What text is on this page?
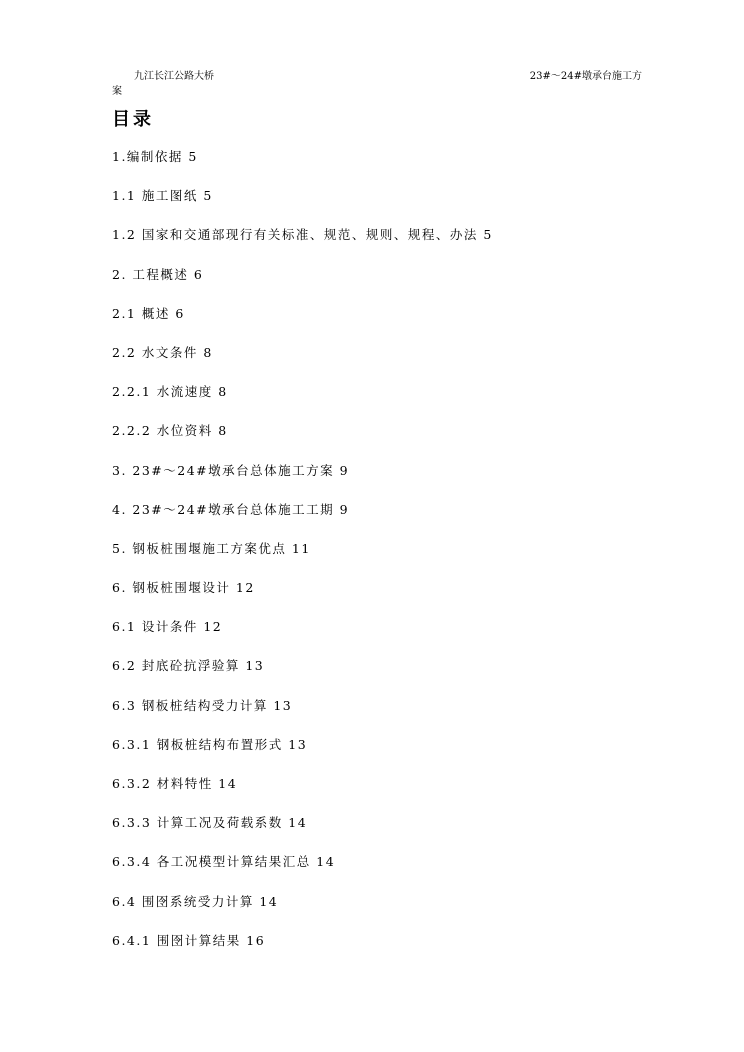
九江长江公路大桥	23#～24#墩承台施工方
案
目录
1.编制依据 5
1.1 施工图纸 5
1.2 国家和交通部现行有关标准、规范、规则、规程、办法 5
2. 工程概述 6
2.1 概述 6
2.2 水文条件 8
2.2.1 水流速度 8
2.2.2 水位资料 8
3. 23#～24#墩承台总体施工方案 9
4. 23#～24#墩承台总体施工工期 9
5. 钢板桩围堰施工方案优点 11
6. 钢板桩围堰设计 12
6.1 设计条件 12
6.2 封底砼抗浮验算 13
6.3 钢板桩结构受力计算 13
6.3.1 钢板桩结构布置形式 13
6.3.2 材料特性 14
6.3.3 计算工况及荷载系数 14
6.3.4 各工况模型计算结果汇总 14
6.4 围囹系统受力计算 14
6.4.1 围囹计算结果 16
